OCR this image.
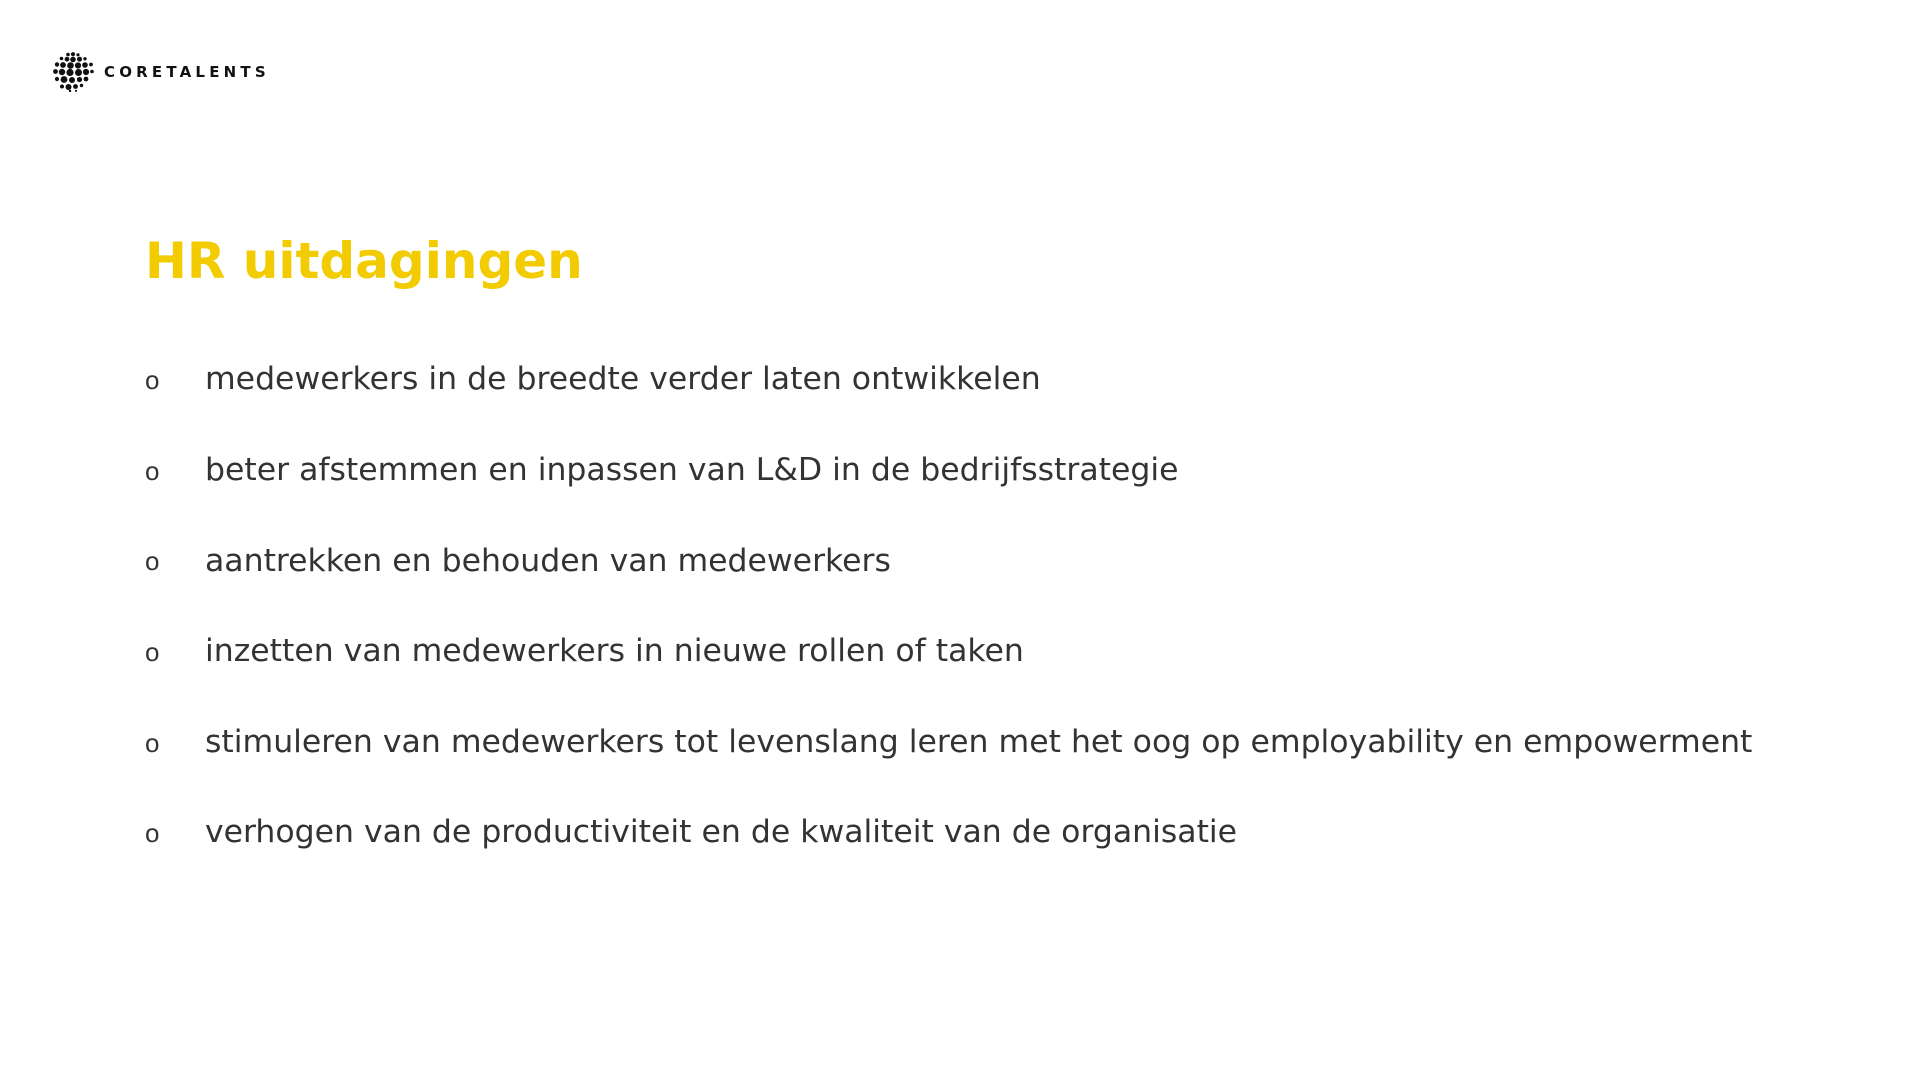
CORETALENTS
HR uitdagingen
o	medewerkers in de breedte verder laten ontwikkelen
o	beter afstemmen en inpassen van L&D in de bedrijfsstrategie
o	aantrekken en behouden van medewerkers
o	inzetten van medewerkers in nieuwe rollen of taken
o	stimuleren van medewerkers tot levenslang leren met het oog op employability en empowerment
o	verhogen van de productiviteit en de kwaliteit van de organisatie
